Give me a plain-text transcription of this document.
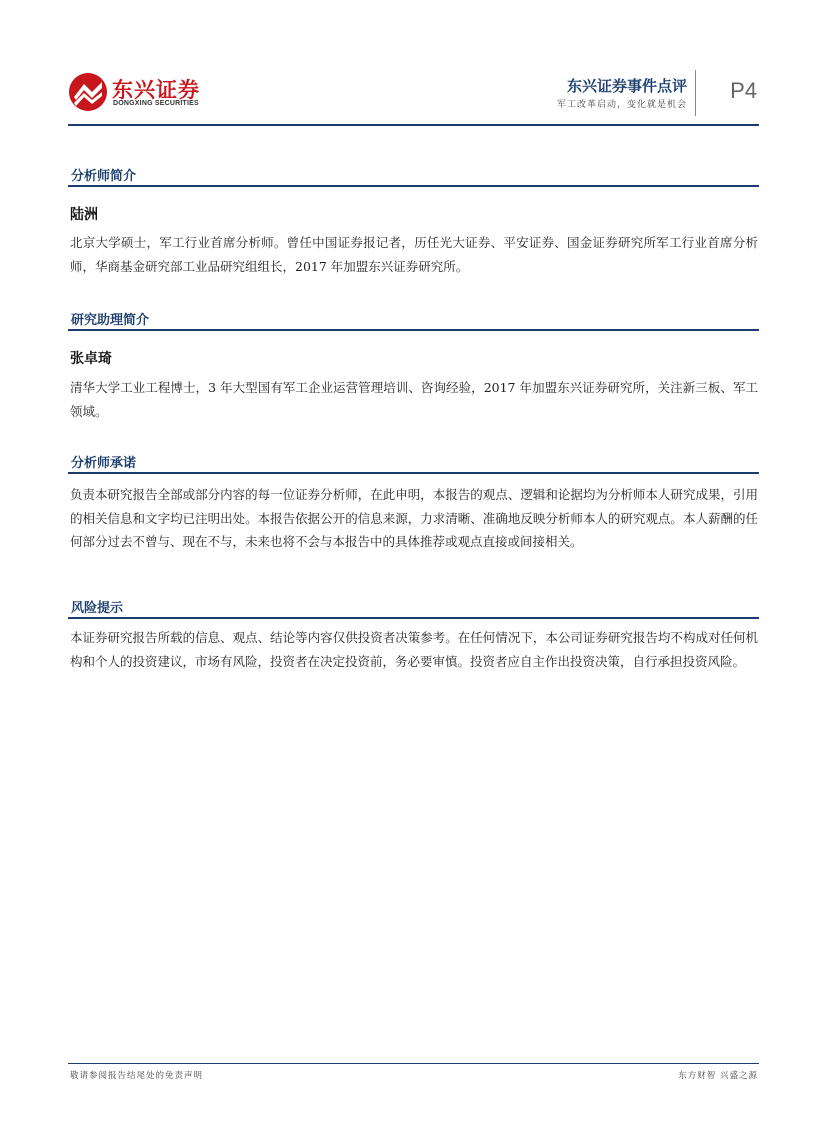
东兴证券
DONGXING SECURITIES
东兴证券事件点评
军工改革启动，变化就是机会
P4
分析师简介
陆洲
北京大学硕士，军工行业首席分析师。曾任中国证券报记者，历任光大证券、平安证券、国金证券研究所军工行业首席分析师，华商基金研究部工业品研究组组长，2017 年加盟东兴证券研究所。
研究助理简介
张卓琦
清华大学工业工程博士，3 年大型国有军工企业运营管理培训、咨询经验，2017 年加盟东兴证券研究所，关注新三板、军工领域。
分析师承诺
负责本研究报告全部或部分内容的每一位证券分析师，在此申明，本报告的观点、逻辑和论据均为分析师本人研究成果，引用的相关信息和文字均已注明出处。本报告依据公开的信息来源，力求清晰、准确地反映分析师本人的研究观点。本人薪酬的任何部分过去不曾与、现在不与，未来也将不会与本报告中的具体推荐或观点直接或间接相关。
风险提示
本证券研究报告所载的信息、观点、结论等内容仅供投资者决策参考。在任何情况下，本公司证券研究报告均不构成对任何机构和个人的投资建议，市场有风险，投资者在决定投资前，务必要审慎。投资者应自主作出投资决策，自行承担投资风险。
敬请参阅报告结尾处的免责声明	东方财智 兴盛之源
